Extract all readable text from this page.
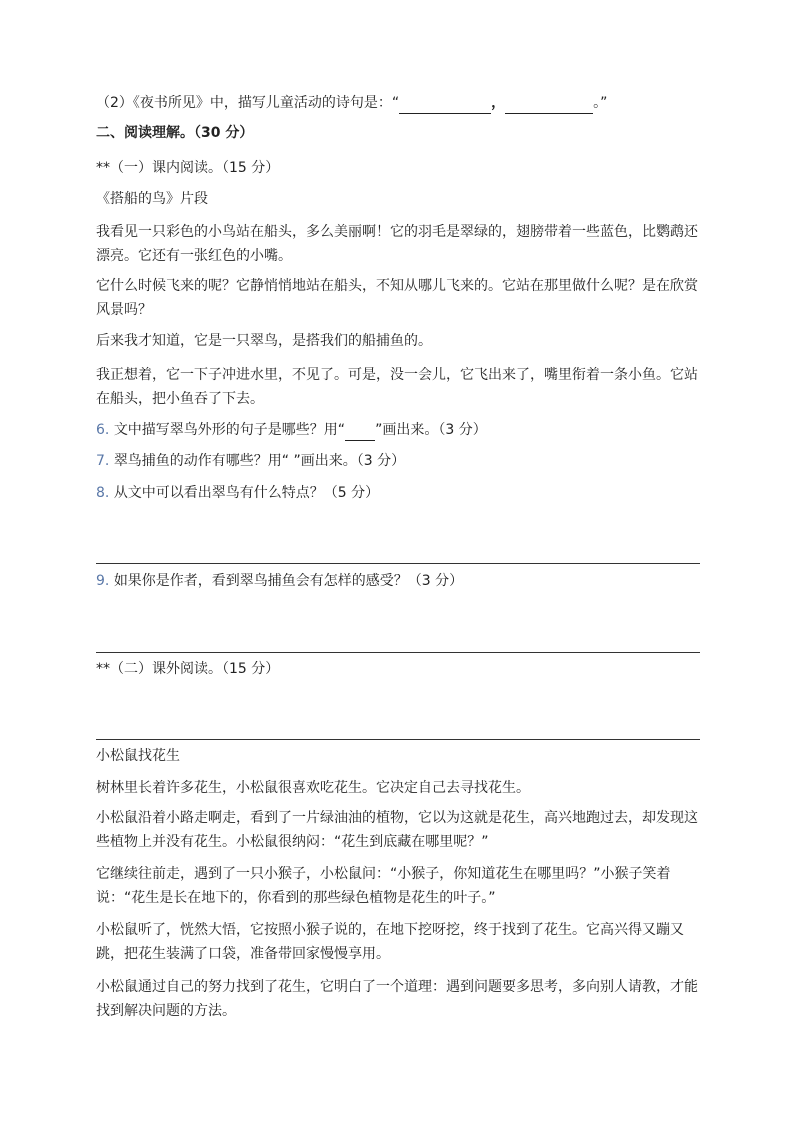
（2）《夜书所见》中，描写儿童活动的诗句是：“	，	。”
二、阅读理解。（30 分）
**（一）课内阅读。（15 分）
《搭船的鸟》片段
我看见一只彩色的小鸟站在船头，多么美丽啊！它的羽毛是翠绿的，翅膀带着一些蓝色，比鹦鹉还漂亮。它还有一张红色的小嘴。
它什么时候飞来的呢？它静悄悄地站在船头，不知从哪儿飞来的。它站在那里做什么呢？是在欣赏风景吗？
后来我才知道，它是一只翠鸟，是搭我们的船捕鱼的。
我正想着，它一下子冲进水里，不见了。可是，没一会儿，它飞出来了，嘴里衔着一条小鱼。它站在船头，把小鱼吞了下去。
6. 文中描写翠鸟外形的句子是哪些？用“ ”画出来。（3 分）
7. 翠鸟捕鱼的动作有哪些？用“ ”画出来。（3 分）
8. 从文中可以看出翠鸟有什么特点？（5 分）
9. 如果你是作者，看到翠鸟捕鱼会有怎样的感受？（3 分）
**（二）课外阅读。（15 分）
小松鼠找花生
树林里长着许多花生，小松鼠很喜欢吃花生。它决定自己去寻找花生。
小松鼠沿着小路走啊走，看到了一片绿油油的植物，它以为这就是花生，高兴地跑过去，却发现这些植物上并没有花生。小松鼠很纳闷：“花生到底藏在哪里呢？”
它继续往前走，遇到了一只小猴子，小松鼠问：“小猴子，你知道花生在哪里吗？”小猴子笑着说：“花生是长在地下的，你看到的那些绿色植物是花生的叶子。”
小松鼠听了，恍然大悟，它按照小猴子说的，在地下挖呀挖，终于找到了花生。它高兴得又蹦又跳，把花生装满了口袋，准备带回家慢慢享用。
小松鼠通过自己的努力找到了花生，它明白了一个道理：遇到问题要多思考，多向别人请教，才能找到解决问题的方法。
